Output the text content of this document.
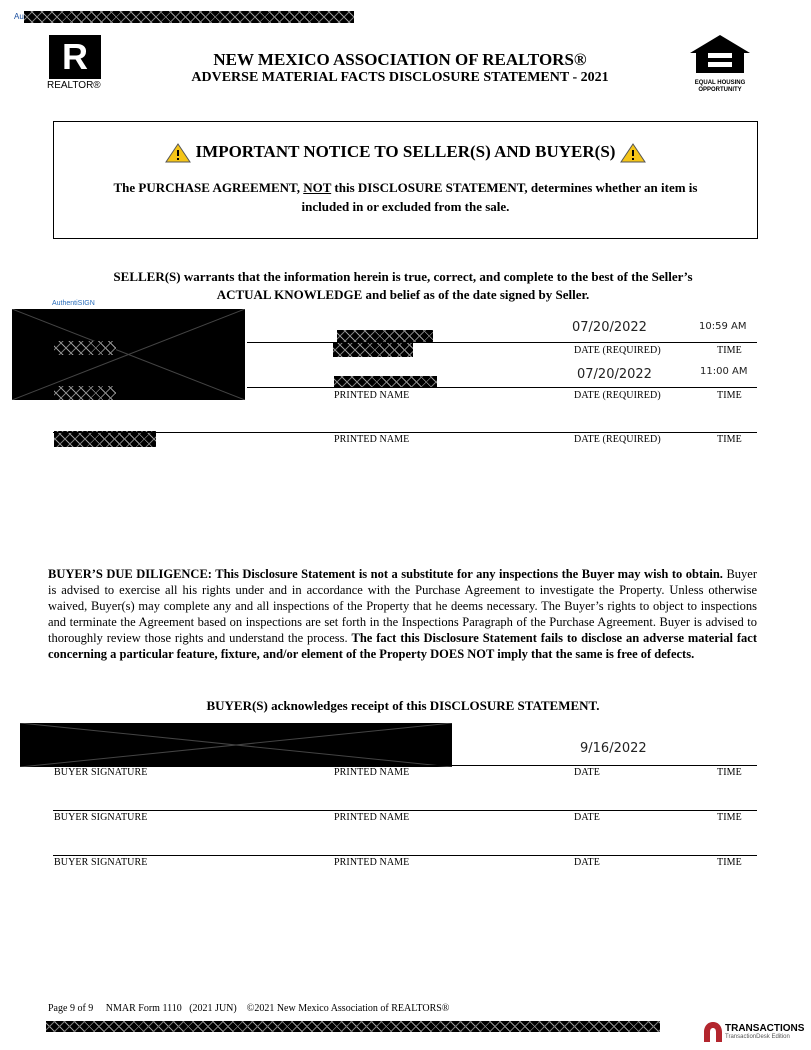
Au
R
REALTOR®
NEW MEXICO ASSOCIATION OF REALTORS®
ADVERSE MATERIAL FACTS DISCLOSURE STATEMENT - 2021	EQUAL HOUSING
OPPORTUNITY
IMPORTANT NOTICE TO SELLER(S) AND BUYER(S)
The PURCHASE AGREEMENT, NOT this DISCLOSURE STATEMENT, determines whether an item is
included in or excluded from the sale.
SELLER(S) warrants that the information herein is true, correct, and complete to the best of the Seller’s
ACTUAL KNOWLEDGE and belief as of the date signed by Seller.
AuthentiSIGN
07/20/2022	10:59 AM
DATE (REQUIRED)	TIME
07/20/2022	11:00 AM
PRINTED NAME	DATE (REQUIRED)	TIME
PRINTED NAME	DATE (REQUIRED)	TIME
BUYER’S DUE DILIGENCE: This Disclosure Statement is not a substitute for any inspections the Buyer may wish to obtain. Buyer is advised to exercise all his rights under and in accordance with the Purchase Agreement to investigate the Property. Unless otherwise waived, Buyer(s) may complete any and all inspections of the Property that he deems necessary. The Buyer’s rights to object to inspections and terminate the Agreement based on inspections are set forth in the Inspections Paragraph of the Purchase Agreement. Buyer is advised to thoroughly review those rights and understand the process. The fact this Disclosure Statement fails to disclose an adverse material fact concerning a particular feature, fixture, and/or element of the Property DOES NOT imply that the same is free of defects.
BUYER(S) acknowledges receipt of this DISCLOSURE STATEMENT.
9/16/2022
BUYER SIGNATURE	PRINTED NAME	DATE	TIME
BUYER SIGNATURE	PRINTED NAME	DATE	TIME
BUYER SIGNATURE	PRINTED NAME	DATE	TIME
Page 9 of 9 NMAR Form 1110 (2021 JUN) ©2021 New Mexico Association of REALTORS®
TRANSACTIONS
TransactionDesk Edition
